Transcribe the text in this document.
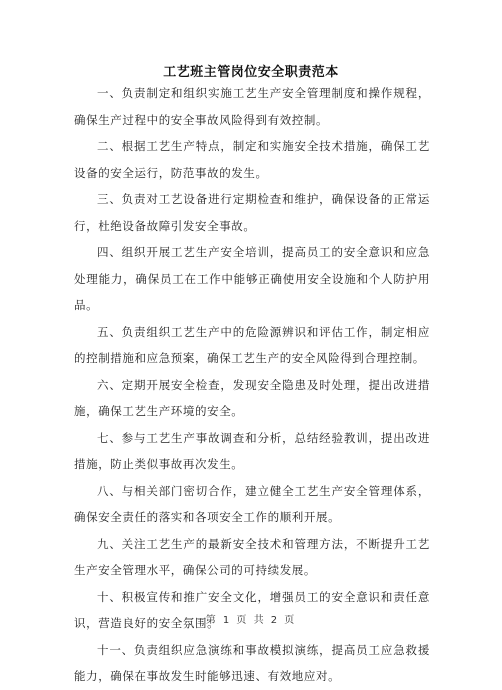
工艺班主管岗位安全职责范本

一、负责制定和组织实施工艺生产安全管理制度和操作规程，确保生产过程中的安全事故风险得到有效控制。

二、根据工艺生产特点，制定和实施安全技术措施，确保工艺设备的安全运行，防范事故的发生。

三、负责对工艺设备进行定期检查和维护，确保设备的正常运行，杜绝设备故障引发安全事故。

四、组织开展工艺生产安全培训，提高员工的安全意识和应急处理能力，确保员工在工作中能够正确使用安全设施和个人防护用品。

五、负责组织工艺生产中的危险源辨识和评估工作，制定相应的控制措施和应急预案，确保工艺生产的安全风险得到合理控制。

六、定期开展安全检查，发现安全隐患及时处理，提出改进措施，确保工艺生产环境的安全。

七、参与工艺生产事故调查和分析，总结经验教训，提出改进措施，防止类似事故再次发生。

八、与相关部门密切合作，建立健全工艺生产安全管理体系，确保安全责任的落实和各项安全工作的顺利开展。

九、关注工艺生产的最新安全技术和管理方法，不断提升工艺生产安全管理水平，确保公司的可持续发展。

十、积极宣传和推广安全文化，增强员工的安全意识和责任意识，营造良好的安全氛围。

十一、负责组织应急演练和事故模拟演练，提高员工应急救援能力，确保在事故发生时能够迅速、有效地应对。

第 1 页 共 2 页
